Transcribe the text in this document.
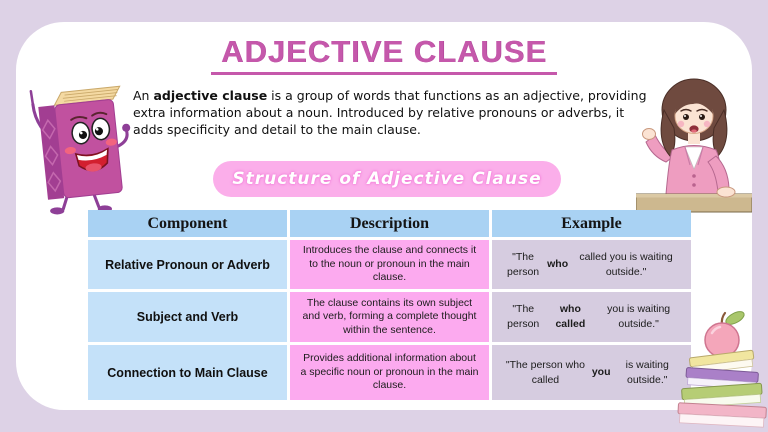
ADJECTIVE CLAUSE
An adjective clause is a group of words that functions as an adjective, providing extra information about a noun. Introduced by relative pronouns or adverbs, it adds specificity and detail to the main clause.
Structure of Adjective Clause
Component	Description	Example
Relative Pronoun or Adverb
Introduces the clause and connects it to the noun or pronoun in the main clause.
"The person
who
called you is waiting outside."
Subject and Verb
The clause contains its own subject and verb, forming a complete thought within the sentence.
"The person
who called
you is waiting outside."
Connection to Main Clause
Provides additional information about a specific noun or pronoun in the main clause.
"The person who called
you
is waiting outside."
